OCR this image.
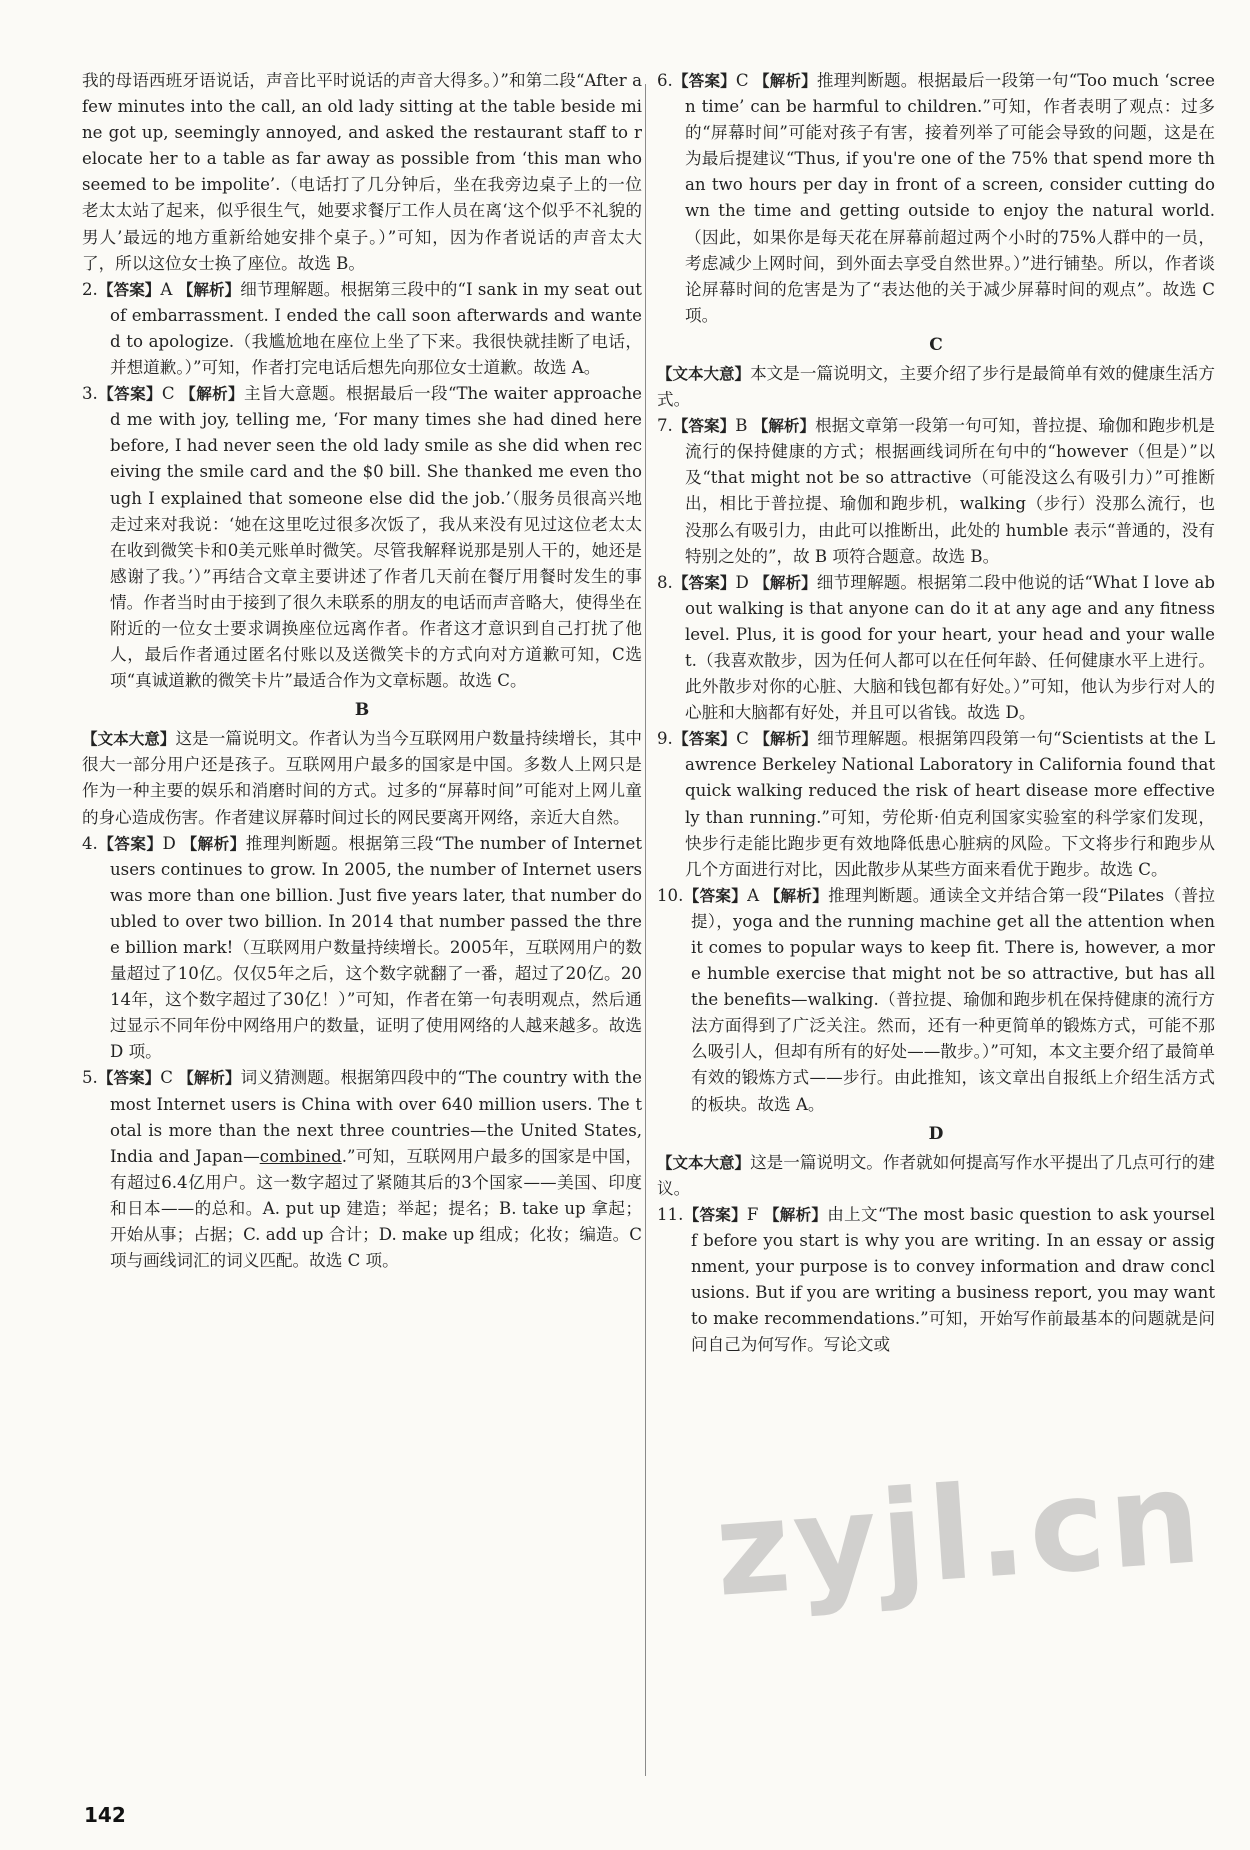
我的母语西班牙语说话，声音比平时说话的声音大得多。）”和第二段“After a few minutes into the call, an old lady sitting at the table beside mine got up, seemingly annoyed, and asked the restaurant staff to relocate her to a table as far away as possible from ‘this man who seemed to be impolite’.（电话打了几分钟后，坐在我旁边桌子上的一位老太太站了起来，似乎很生气，她要求餐厅工作人员在离‘这个似乎不礼貌的男人’最远的地方重新给她安排个桌子。）”可知，因为作者说话的声音太大了，所以这位女士换了座位。故选 B。

2.【答案】A 【解析】细节理解题。根据第三段中的“I sank in my seat out of embarrassment. I ended the call soon afterwards and wanted to apologize.（我尴尬地在座位上坐了下来。我很快就挂断了电话，并想道歉。）”可知，作者打完电话后想先向那位女士道歉。故选 A。

3.【答案】C 【解析】主旨大意题。根据最后一段“The waiter approached me with joy, telling me, ‘For many times she had dined here before, I had never seen the old lady smile as she did when receiving the smile card and the $0 bill. She thanked me even though I explained that someone else did the job.’（服务员很高兴地走过来对我说：‘她在这里吃过很多次饭了，我从来没有见过这位老太太在收到微笑卡和0美元账单时微笑。尽管我解释说那是别人干的，她还是感谢了我。’）”再结合文章主要讲述了作者几天前在餐厅用餐时发生的事情。作者当时由于接到了很久未联系的朋友的电话而声音略大，使得坐在附近的一位女士要求调换座位远离作者。作者这才意识到自己打扰了他人，最后作者通过匿名付账以及送微笑卡的方式向对方道歉可知，C选项“真诚道歉的微笑卡片”最适合作为文章标题。故选 C。

B

【文本大意】这是一篇说明文。作者认为当今互联网用户数量持续增长，其中很大一部分用户还是孩子。互联网用户最多的国家是中国。多数人上网只是作为一种主要的娱乐和消磨时间的方式。过多的“屏幕时间”可能对上网儿童的身心造成伤害。作者建议屏幕时间过长的网民要离开网络，亲近大自然。

4.【答案】D 【解析】推理判断题。根据第三段“The number of Internet users continues to grow. In 2005, the number of Internet users was more than one billion. Just five years later, that number doubled to over two billion. In 2014 that number passed the three billion mark!（互联网用户数量持续增长。2005年，互联网用户的数量超过了10亿。仅仅5年之后，这个数字就翻了一番，超过了20亿。2014年，这个数字超过了30亿！）”可知，作者在第一句表明观点，然后通过显示不同年份中网络用户的数量，证明了使用网络的人越来越多。故选 D 项。

5.【答案】C 【解析】词义猜测题。根据第四段中的“The country with the most Internet users is China with over 640 million users. The total is more than the next three countries—the United States, India and Japan—combined.”可知，互联网用户最多的国家是中国，有超过6.4亿用户。这一数字超过了紧随其后的3个国家——美国、印度和日本——的总和。A. put up 建造；举起；提名；B. take up 拿起；开始从事；占据；C. add up 合计；D. make up 组成；化妆；编造。C项与画线词汇的词义匹配。故选 C 项。

6.【答案】C 【解析】推理判断题。根据最后一段第一句“Too much ‘screen time’ can be harmful to children.”可知，作者表明了观点：过多的“屏幕时间”可能对孩子有害，接着列举了可能会导致的问题，这是在为最后提建议“Thus, if you're one of the 75% that spend more than two hours per day in front of a screen, consider cutting down the time and getting outside to enjoy the natural world.（因此，如果你是每天花在屏幕前超过两个小时的75%人群中的一员，考虑减少上网时间，到外面去享受自然世界。）”进行铺垫。所以，作者谈论屏幕时间的危害是为了“表达他的关于减少屏幕时间的观点”。故选 C 项。

C

【文本大意】本文是一篇说明文，主要介绍了步行是最简单有效的健康生活方式。

7.【答案】B 【解析】根据文章第一段第一句可知，普拉提、瑜伽和跑步机是流行的保持健康的方式；根据画线词所在句中的“however（但是）”以及“that might not be so attractive（可能没这么有吸引力）”可推断出，相比于普拉提、瑜伽和跑步机，walking（步行）没那么流行，也没那么有吸引力，由此可以推断出，此处的 humble 表示“普通的，没有特别之处的”，故 B 项符合题意。故选 B。

8.【答案】D 【解析】细节理解题。根据第二段中他说的话“What I love about walking is that anyone can do it at any age and any fitness level. Plus, it is good for your heart, your head and your wallet.（我喜欢散步，因为任何人都可以在任何年龄、任何健康水平上进行。此外散步对你的心脏、大脑和钱包都有好处。）”可知，他认为步行对人的心脏和大脑都有好处，并且可以省钱。故选 D。

9.【答案】C 【解析】细节理解题。根据第四段第一句“Scientists at the Lawrence Berkeley National Laboratory in California found that quick walking reduced the risk of heart disease more effectively than running.”可知，劳伦斯·伯克利国家实验室的科学家们发现，快步行走能比跑步更有效地降低患心脏病的风险。下文将步行和跑步从几个方面进行对比，因此散步从某些方面来看优于跑步。故选 C。

10.【答案】A 【解析】推理判断题。通读全文并结合第一段“Pilates（普拉提），yoga and the running machine get all the attention when it comes to popular ways to keep fit. There is, however, a more humble exercise that might not be so attractive, but has all the benefits—walking.（普拉提、瑜伽和跑步机在保持健康的流行方法方面得到了广泛关注。然而，还有一种更简单的锻炼方式，可能不那么吸引人，但却有所有的好处——散步。）”可知，本文主要介绍了最简单有效的锻炼方式——步行。由此推知，该文章出自报纸上介绍生活方式的板块。故选 A。

D

【文本大意】这是一篇说明文。作者就如何提高写作水平提出了几点可行的建议。

11.【答案】F 【解析】由上文“The most basic question to ask yourself before you start is why you are writing. In an essay or assignment, your purpose is to convey information and draw conclusions. But if you are writing a business report, you may want to make recommendations.”可知，开始写作前最基本的问题就是问问自己为何写作。写论文或

142
zyjl.cn
